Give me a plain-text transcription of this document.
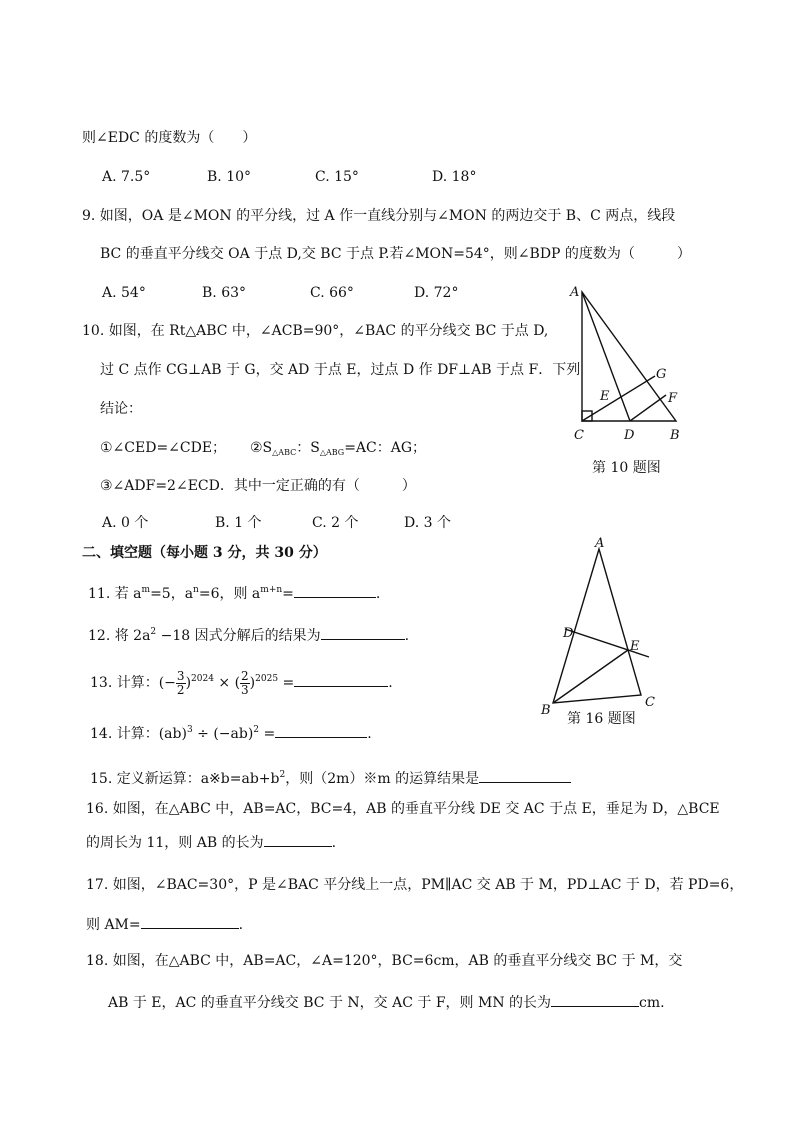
则∠EDC 的度数为（　　）
A. 7.5°	B. 10°	C. 15°	D. 18°
9. 如图，OA 是∠MON 的平分线，过 A 作一直线分别与∠MON 的两边交于 B、C 两点，线段
BC 的垂直平分线交 OA 于点 D,交 BC 于点 P.若∠MON=54°，则∠BDP 的度数为（　　　）
A. 54°	B. 63°	C. 66°	D. 72°
10. 如图，在 Rt△ABC 中，∠ACB=90°，∠BAC 的平分线交 BC 于点 D,
过 C 点作 CG⊥AB 于 G，交 AD 于点 E，过点 D 作 DF⊥AB 于点 F．下列
结论：
①∠CED=∠CDE； $②S_{\triangle ABC}$：$S_{\triangle ABG}=AC$：AG；
③∠ADF=2∠ECD．其中一定正确的有（　　　）
A. 0 个	B. 1 个	C. 2 个	D. 3 个
A
G
E	F
C	D	B
第 10 题图
二、填空题（每小题 3 分，共 30 分）
11. 若 $a^m=5$，$a^n=6$，则 $a^{m+n}=$	.
12. 将 $2a^2 -18$ 因式分解后的结果为	.
13. 计算：(− $\frac{3}{2} )^{2024}$ × ( $\frac{2}{3} )^{2025}$ =	.
14. 计算：$(ab)^3 \div (-ab)^2$ =	.
A
D
E
B
C
第 16 题图
15. 定义新运算：$a※b=ab+b^2$，则（2m）※m 的运算结果是
16. 如图，在△ABC 中，AB=AC，BC=4，AB 的垂直平分线 DE 交 AC 于点 E，垂足为 D，△BCE
的周长为 11，则 AB 的长为	.
17. 如图，∠BAC=30°，P 是∠BAC 平分线上一点，PM∥AC 交 AB 于 M，PD⊥AC 于 D，若 PD=6，
则 AM=	.
18. 如图，在△ABC 中，AB=AC，∠A=120°，BC=6cm，AB 的垂直平分线交 BC 于 M，交
AB 于 E，AC 的垂直平分线交 BC 于 N，交 AC 于 F，则 MN 的长为	cm.
